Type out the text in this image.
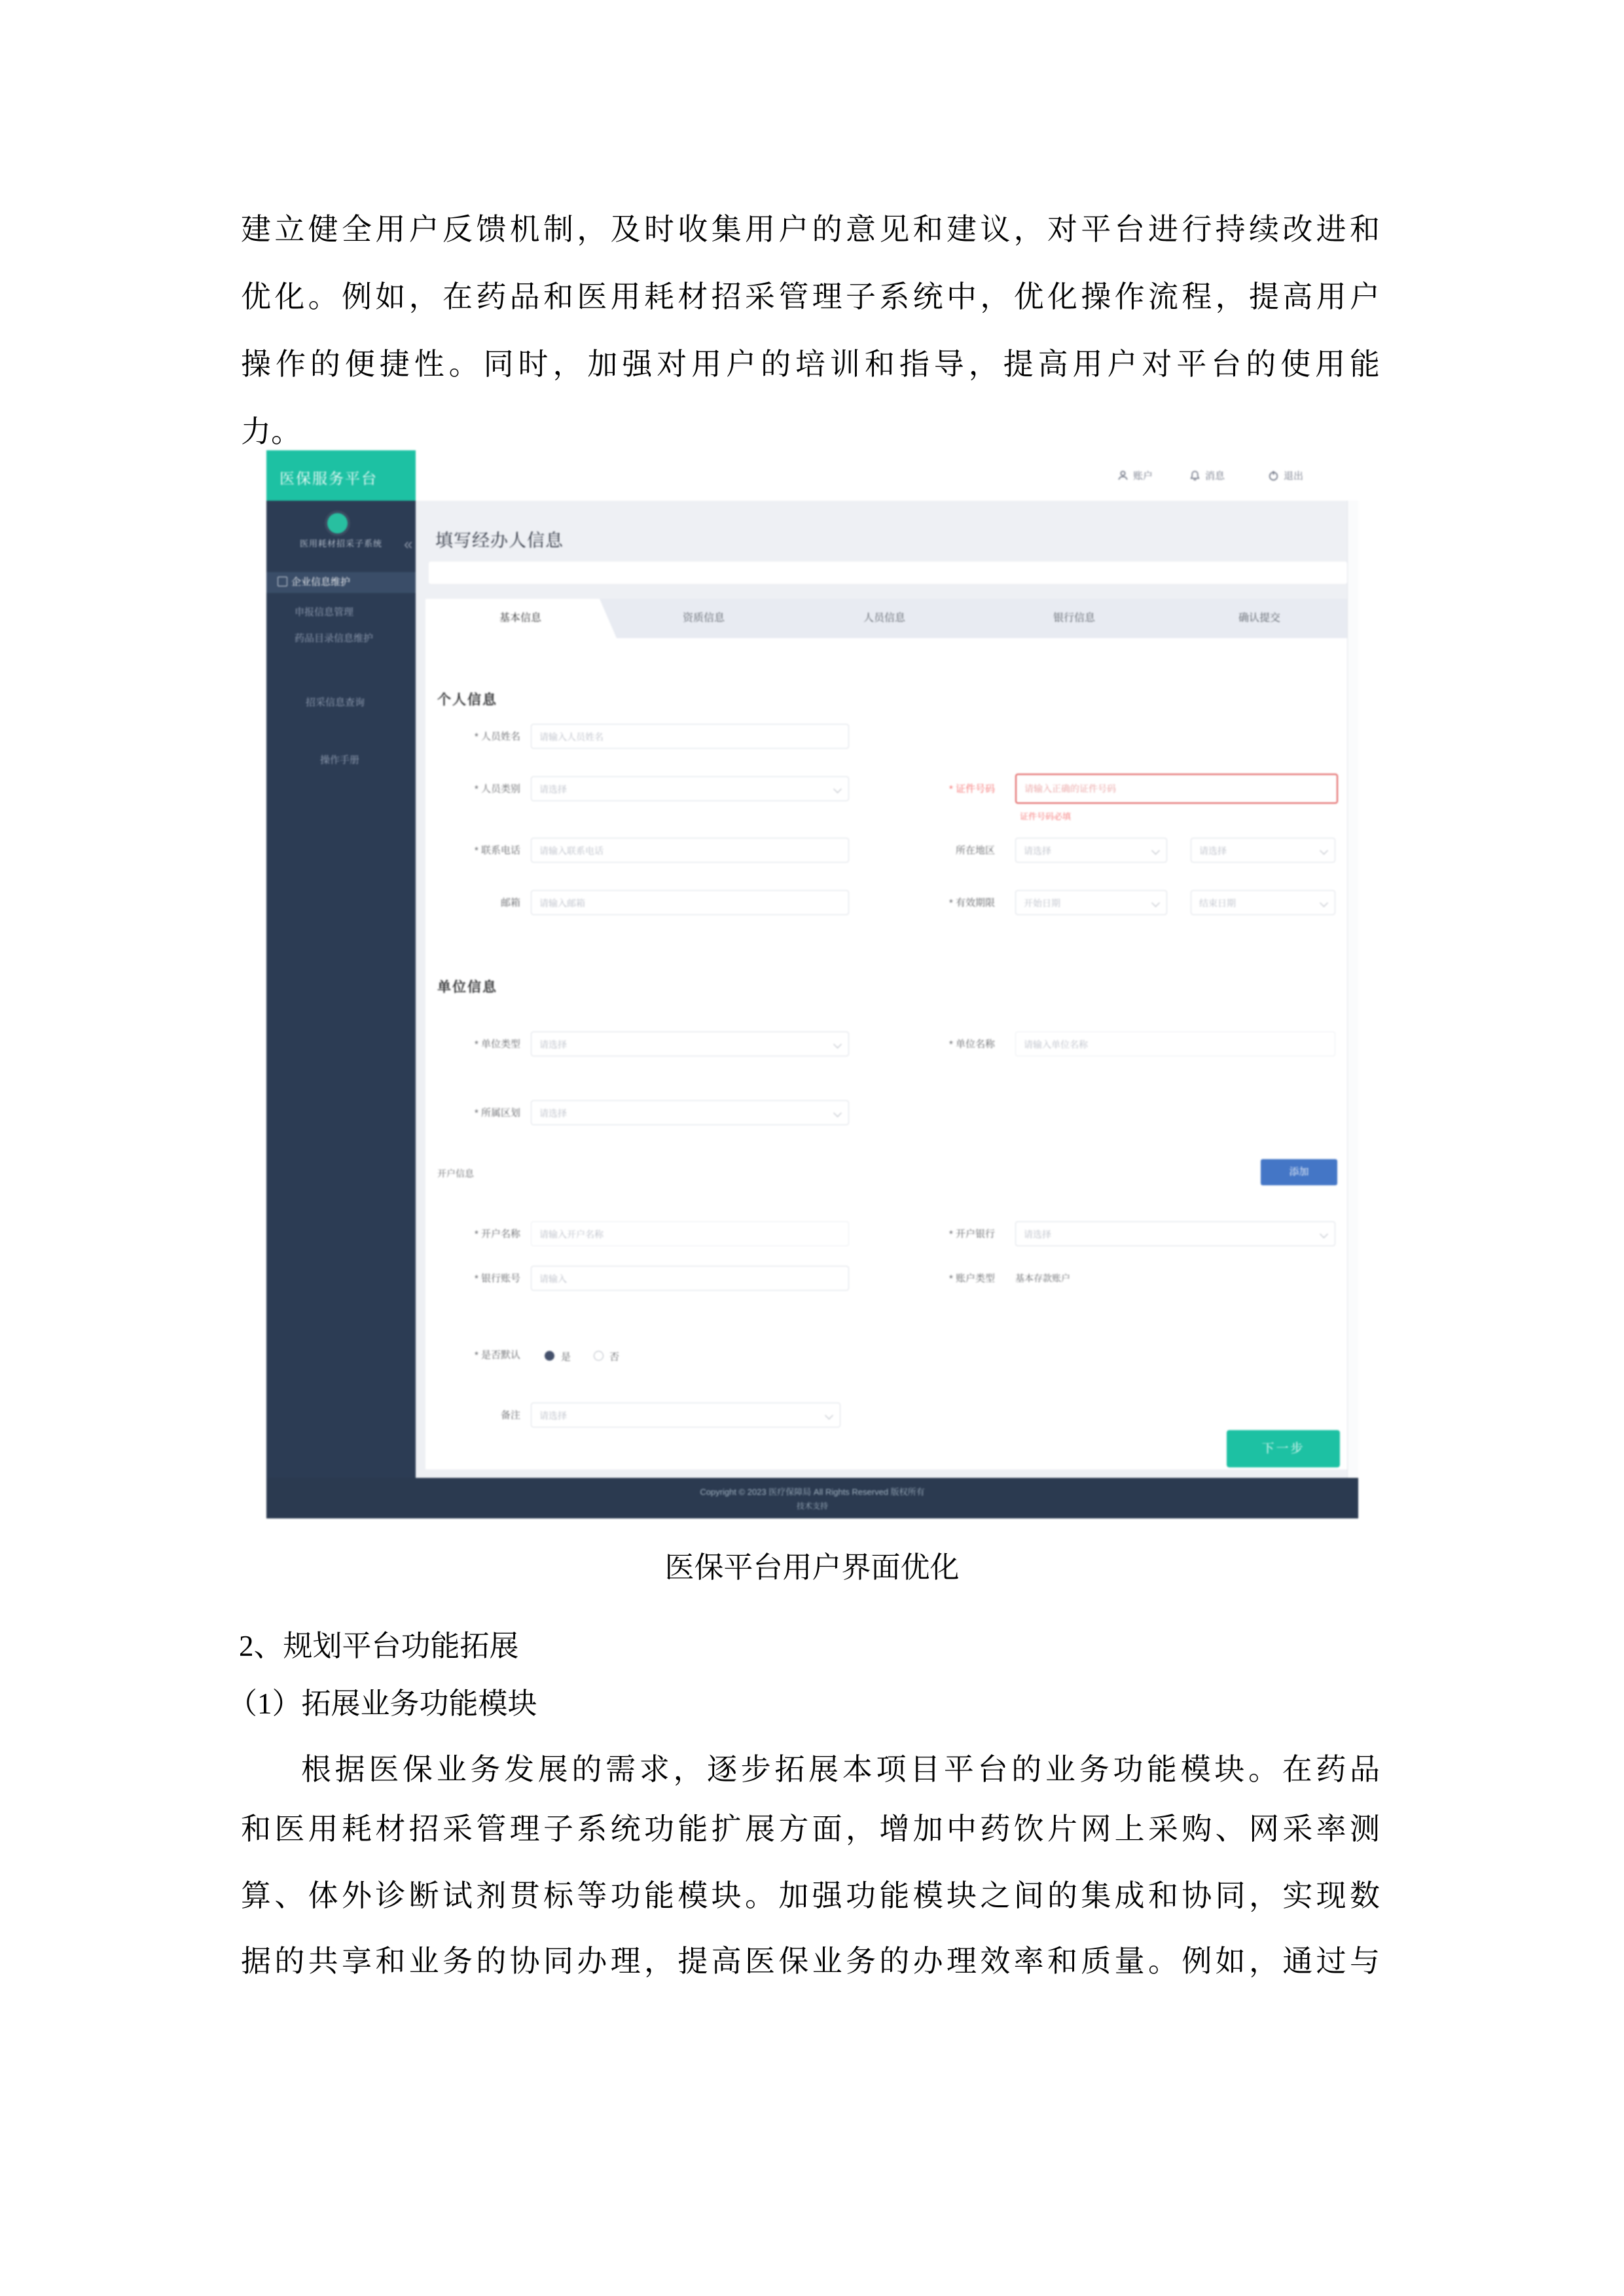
建立健全用户反馈机制，及时收集用户的意见和建议，对平台进行持续改进和
优化。例如，在药品和医用耗材招采管理子系统中，优化操作流程，提高用户
操作的便捷性。同时，加强对用户的培训和指导，提高用户对平台的使用能
力。
医保服务平台	账户	消息	退出
医用耗材招采子系统
企业信息维护
申报信息管理
药品目录信息维护
招采信息查询
操作手册
« 填写经办人信息
基本信息	资质信息	人员信息	银行信息	确认提交
个人信息
* 人员姓名	请输入人员姓名
* 人员类别	请选择	* 证件号码	请输入正确的证件号码
证件号码必填
* 联系电话	请输入联系电话	所在地区	请选择	请选择
邮箱	请输入邮箱	* 有效期限	开始日期	结束日期
单位信息
* 单位类型	请选择	* 单位名称	请输入单位名称
* 所属区划	请选择
开户信息	添加
* 开户名称	请输入开户名称	* 开户银行	请选择
* 银行账号	请输入	* 账户类型 基本存款账户
* 是否默认	是	否
备注	请选择
下一步
Copyright © 2023 医疗保障局 All Rights Reserved 版权所有
技术支持
医保平台用户界面优化
2、规划平台功能拓展
（1）拓展业务功能模块
根据医保业务发展的需求，逐步拓展本项目平台的业务功能模块。在药品
和医用耗材招采管理子系统功能扩展方面，增加中药饮片网上采购、网采率测
算、体外诊断试剂贯标等功能模块。加强功能模块之间的集成和协同，实现数
据的共享和业务的协同办理，提高医保业务的办理效率和质量。例如，通过与
